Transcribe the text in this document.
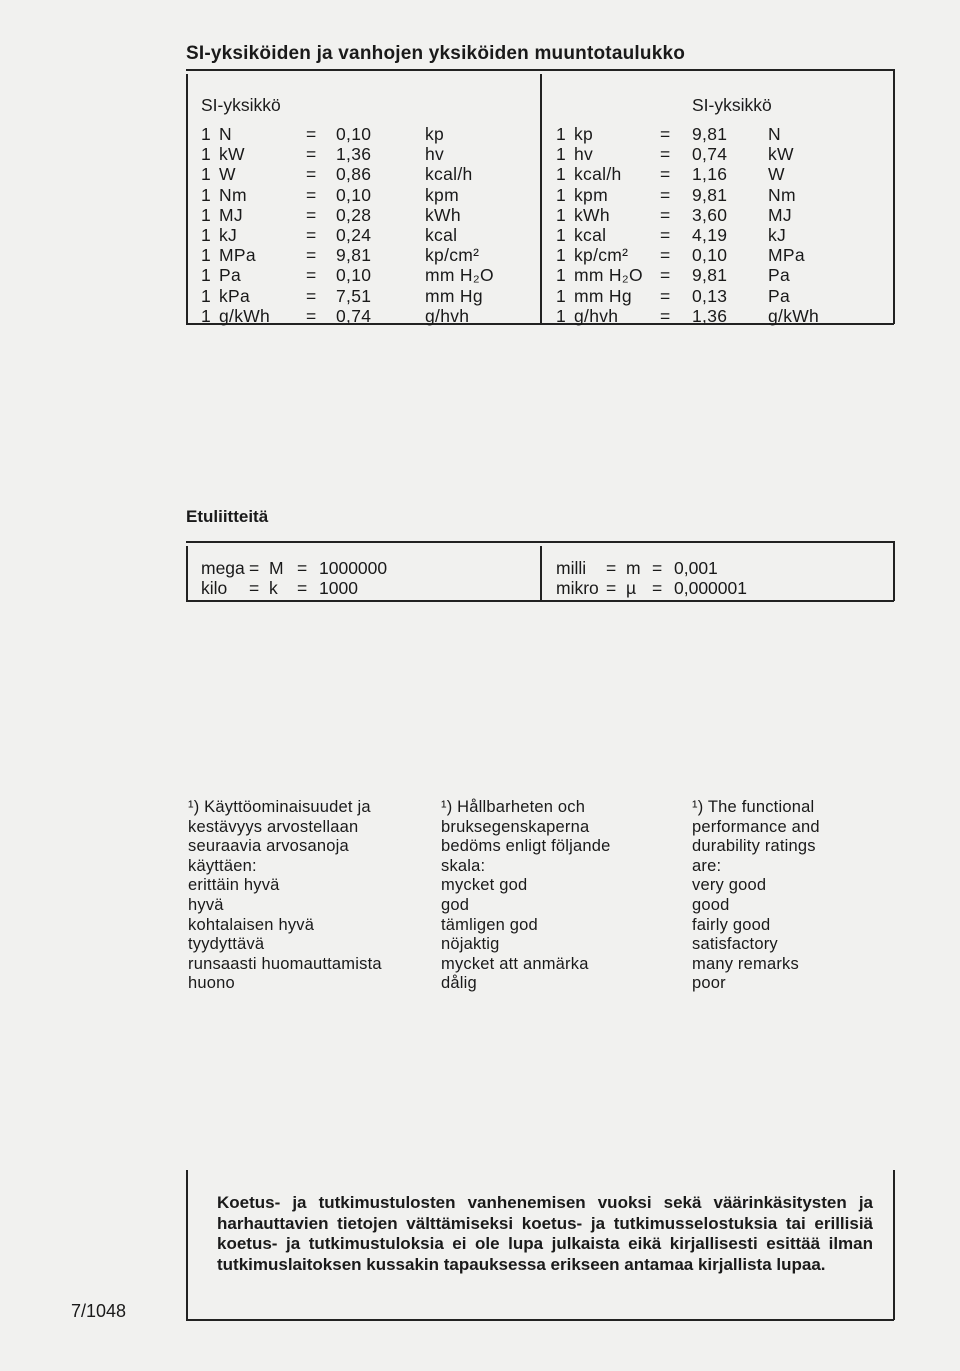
SI-yksiköiden ja vanhojen yksiköiden muuntotaulukko
SI-yksikkö	SI-yksikkö
1 N	= 0,10	kp
1 kW	= 1,36	hv
1 W	= 0,86	kcal/h
1 Nm	= 0,10	kpm
1 MJ	= 0,28	kWh
1 kJ	= 0,24	kcal
1 MPa	= 9,81	kp/cm²
1 Pa	= 0,10	mm H₂O
1 kPa	= 7,51	mm Hg
1 g/kWh = 0,74	g/hvh
1 kp	= 9,81 N
1 hv	= 0,74 kW
1 kcal/h = 1,16 W
1 kpm	= 9,81 Nm
1 kWh	= 3,60 MJ
1 kcal	= 4,19 kJ
1 kp/cm² = 0,10 MPa
1 mm H₂O = 9,81 Pa
1 mm Hg = 0,13 Pa
1 g/hvh = 1,36 g/kWh
Etuliitteitä
mega = M = 1000000
kilo = k = 1000
milli = m = 0,001
mikro = µ = 0,000001
¹) Käyttöominaisuudet ja
kestävyys arvostellaan
seuraavia arvosanoja
käyttäen:
erittäin hyvä
hyvä
kohtalaisen hyvä
tyydyttävä
runsaasti huomauttamista
huono
¹) Hållbarheten och
bruksegenskaperna
bedöms enligt följande
skala:
mycket god
god
tämligen god
nöjaktig
mycket att anmärka
dålig
¹) The functional
performance and
durability ratings
are:
very good
good
fairly good
satisfactory
many remarks
poor
Koetus- ja tutkimustulosten vanhenemisen vuoksi sekä väärinkäsitysten ja harhauttavien tietojen välttämiseksi koetus- ja tutkimusselostuksia tai erillisiä koetus- ja tutkimustuloksia ei ole lupa julkaista eikä kirjallisesti esittää ilman tutkimuslaitoksen kussakin tapauksessa erikseen antamaa kirjallista lupaa.
7/1048
